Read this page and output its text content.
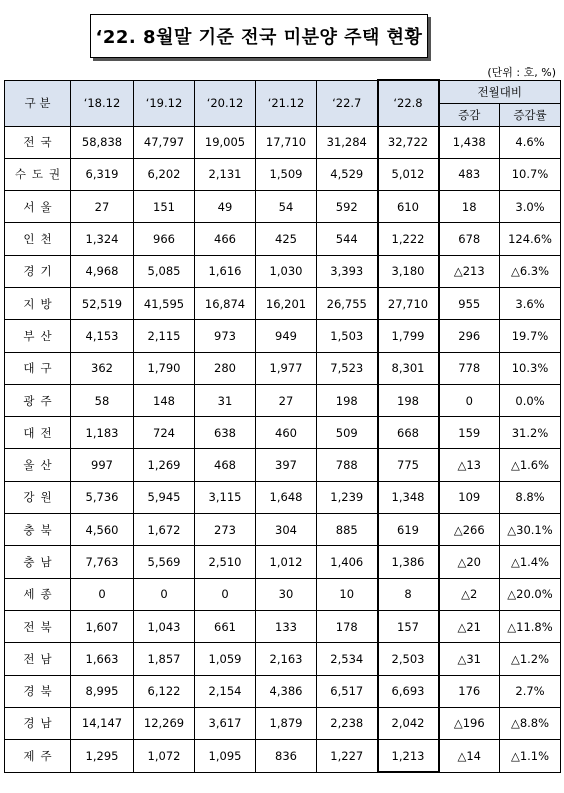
‘22. 8월말 기준 전국 미분양 주택 현황
(단위 : 호, %)
구 분	‘18.12	‘19.12	‘20.12	‘21.12	‘22.7	‘22.8	전월대비	
							증감	증감률
전국	58,838	47,797	19,005	17,710	31,284	32,722	1,438	4.6%
수도권	6,319	6,202	2,131	1,509	4,529	5,012	483	10.7%
서울	27	151	49	54	592	610	18	3.0%
인천	1,324	966	466	425	544	1,222	678	124.6%
경기	4,968	5,085	1,616	1,030	3,393	3,180	△213	△6.3%
지방	52,519	41,595	16,874	16,201	26,755	27,710	955	3.6%
부산	4,153	2,115	973	949	1,503	1,799	296	19.7%
대구	362	1,790	280	1,977	7,523	8,301	778	10.3%
광주	58	148	31	27	198	198	0	0.0%
대전	1,183	724	638	460	509	668	159	31.2%
울산	997	1,269	468	397	788	775	△13	△1.6%
강원	5,736	5,945	3,115	1,648	1,239	1,348	109	8.8%
충북	4,560	1,672	273	304	885	619	△266	△30.1%
충남	7,763	5,569	2,510	1,012	1,406	1,386	△20	△1.4%
세종	0	0	0	30	10	8	△2	△20.0%
전북	1,607	1,043	661	133	178	157	△21	△11.8%
전남	1,663	1,857	1,059	2,163	2,534	2,503	△31	△1.2%
경북	8,995	6,122	2,154	4,386	6,517	6,693	176	2.7%
경남	14,147	12,269	3,617	1,879	2,238	2,042	△196	△8.8%
제주	1,295	1,072	1,095	836	1,227	1,213	△14	△1.1%
